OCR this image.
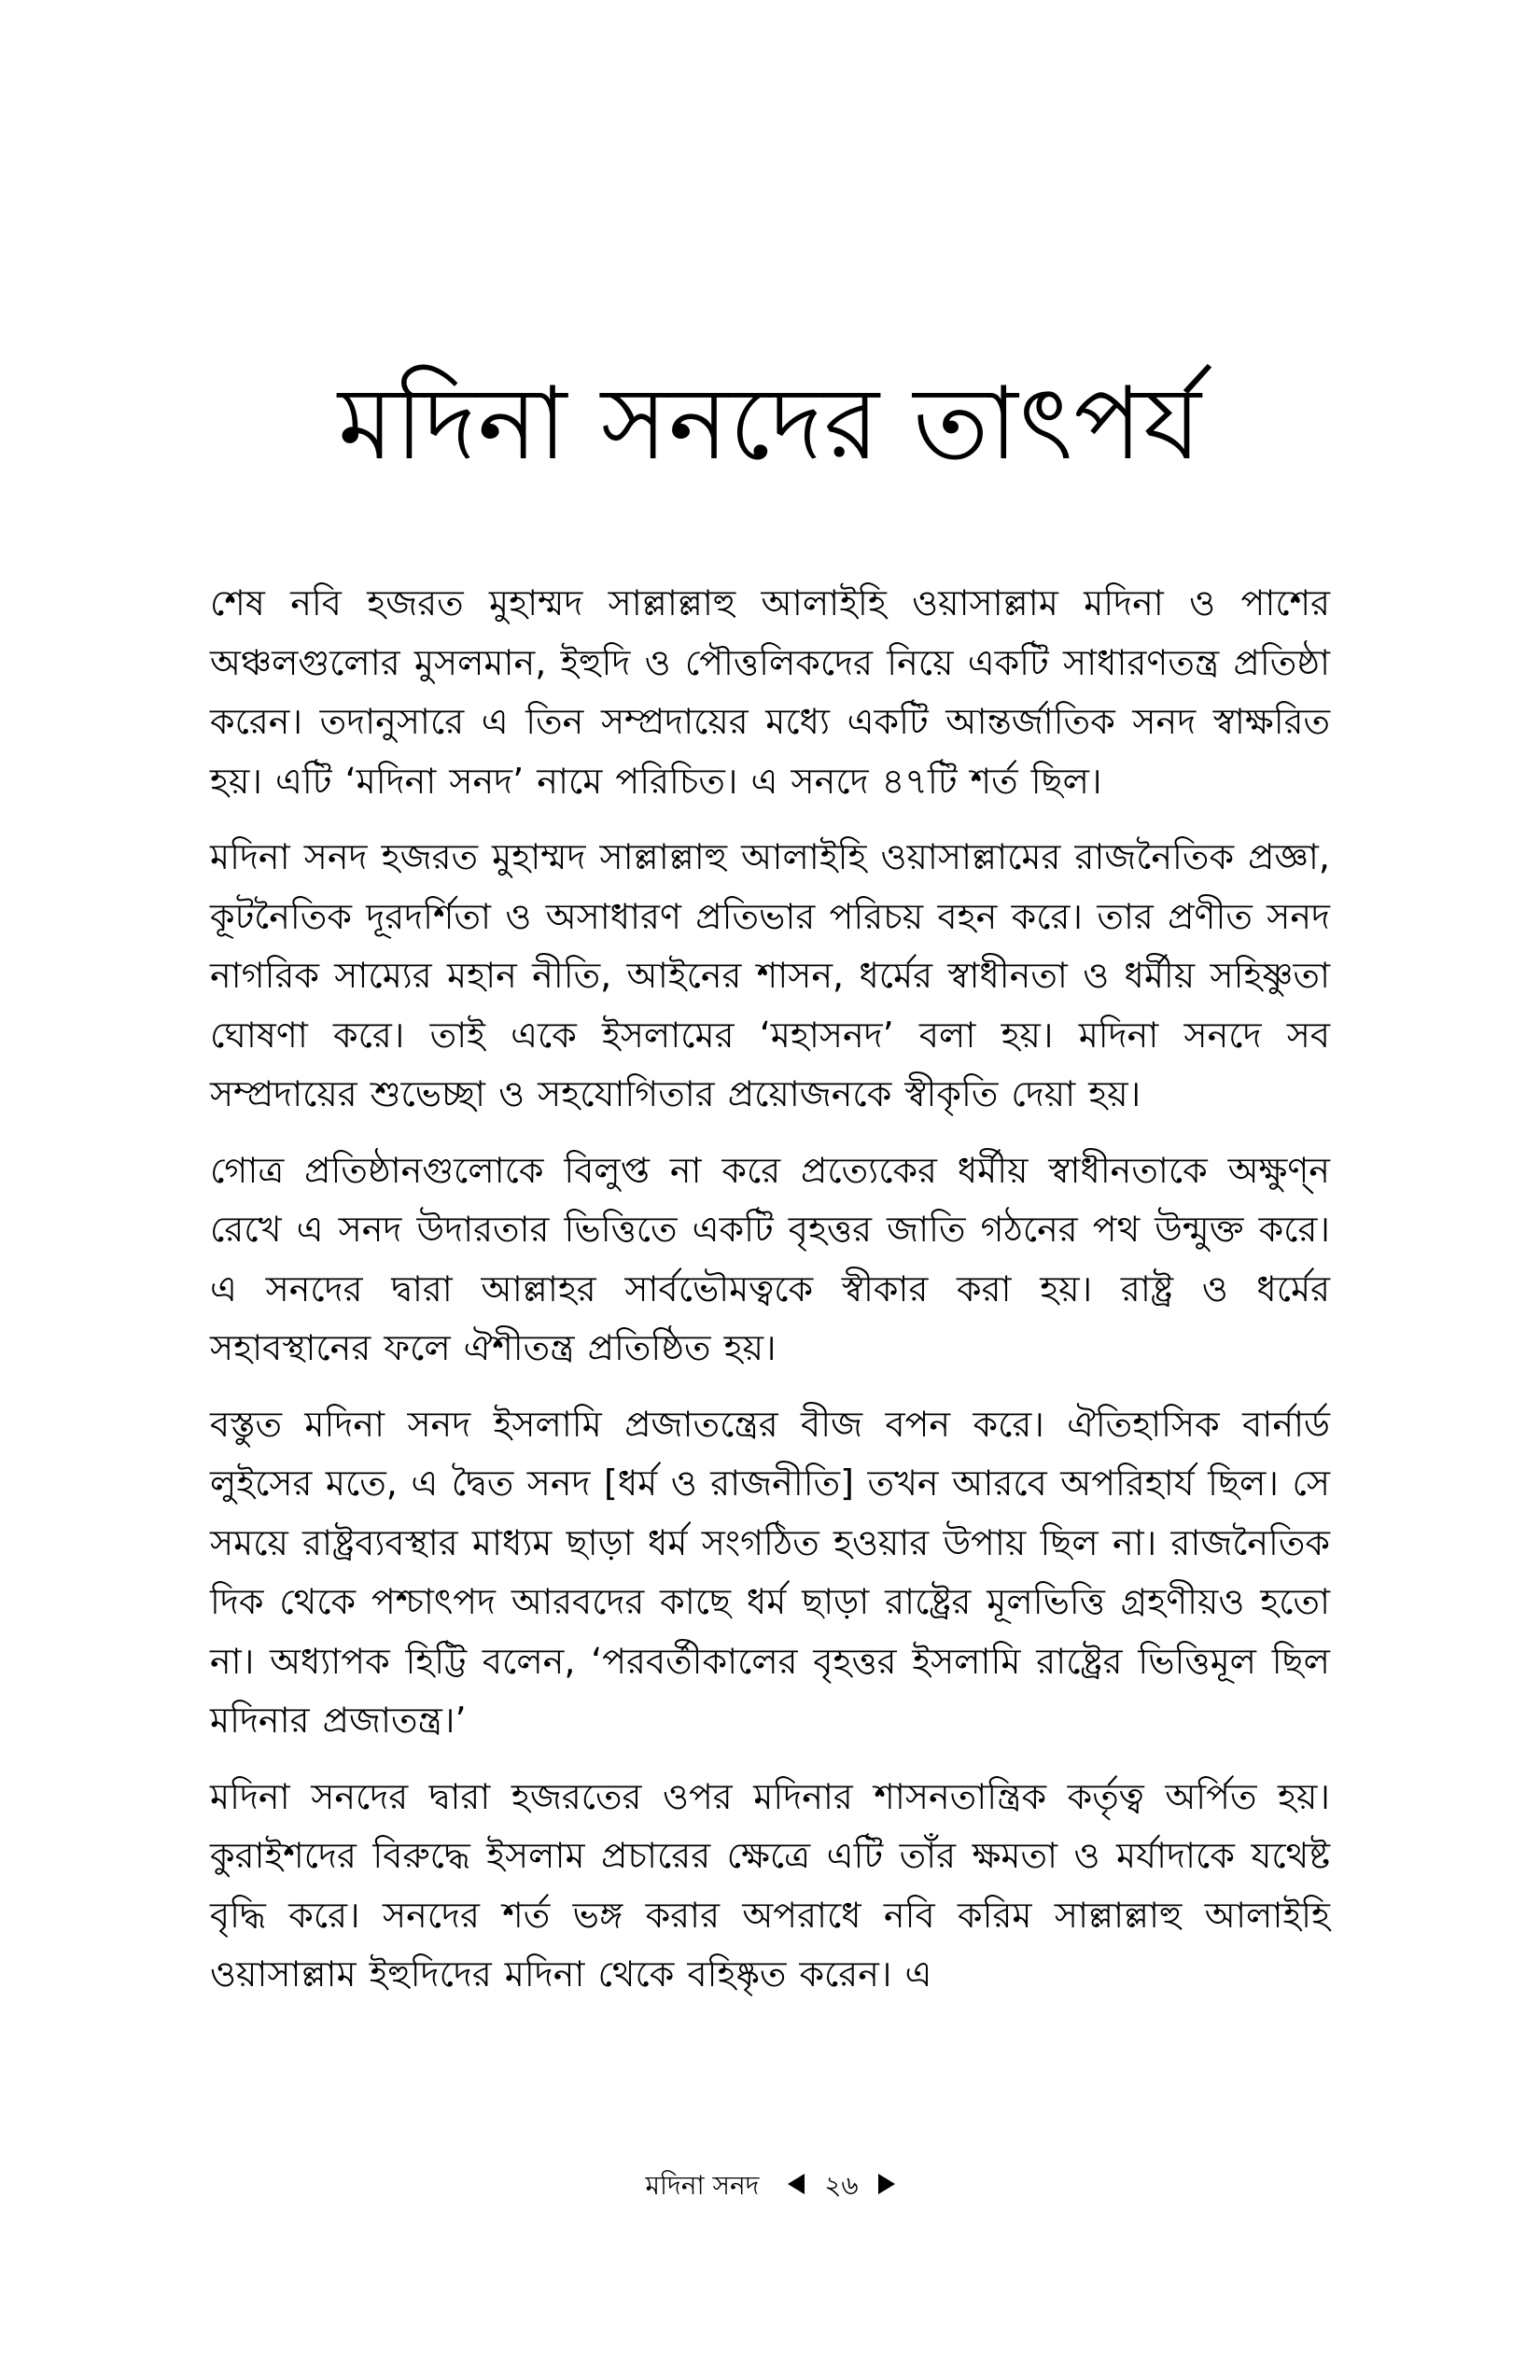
মদিনা সনদের তাৎপর্য

শেষ নবি হজরত মুহাম্মদ সাল্লাল্লাহু আলাইহি ওয়াসাল্লাম মদিনা ও পাশের অঞ্চলগুলোর মুসলমান, ইহুদি ও পৌত্তলিকদের নিয়ে একটি সাধারণতন্ত্র প্রতিষ্ঠা করেন। তদানুসারে এ তিন সম্প্রদায়ের মধ্যে একটি আন্তর্জাতিক সনদ স্বাক্ষরিত হয়। এটি ‘মদিনা সনদ’ নামে পরিচিত। এ সনদে ৪৭টি শর্ত ছিল।

মদিনা সনদ হজরত মুহাম্মদ সাল্লাল্লাহু আলাইহি ওয়াসাল্লামের রাজনৈতিক প্রজ্ঞা, কূটনৈতিক দূরদর্শিতা ও অসাধারণ প্রতিভার পরিচয় বহন করে। তার প্রণীত সনদ নাগরিক সাম্যের মহান নীতি, আইনের শাসন, ধর্মের স্বাধীনতা ও ধর্মীয় সহিষ্ণুতা ঘোষণা করে। তাই একে ইসলামের ‘মহাসনদ’ বলা হয়। মদিনা সনদে সব সম্প্রদায়ের শুভেচ্ছা ও সহযোগিতার প্রয়োজনকে স্বীকৃতি দেয়া হয়।

গোত্র প্রতিষ্ঠানগুলোকে বিলুপ্ত না করে প্রত্যেকের ধর্মীয় স্বাধীনতাকে অক্ষুণ্ন রেখে এ সনদ উদারতার ভিত্তিতে একটি বৃহত্তর জাতি গঠনের পথ উন্মুক্ত করে। এ সনদের দ্বারা আল্লাহর সার্বভৌমত্বকে স্বীকার করা হয়। রাষ্ট্র ও ধর্মের সহাবস্থানের ফলে ঐশীতন্ত্র প্রতিষ্ঠিত হয়।

বস্তুত মদিনা সনদ ইসলামি প্রজাতন্ত্রের বীজ বপন করে। ঐতিহাসিক বার্নার্ড লুইসের মতে, এ দ্বৈত সনদ [ধর্ম ও রাজনীতি] তখন আরবে অপরিহার্য ছিল। সে সময়ে রাষ্ট্রব্যবস্থার মাধ্যম ছাড়া ধর্ম সংগঠিত হওয়ার উপায় ছিল না। রাজনৈতিক দিক থেকে পশ্চাৎপদ আরবদের কাছে ধর্ম ছাড়া রাষ্ট্রের মূলভিত্তি গ্রহণীয়ও হতো না। অধ্যাপক হিট্টি বলেন, ‘পরবর্তীকালের বৃহত্তর ইসলামি রাষ্ট্রের ভিত্তিমূল ছিল মদিনার প্রজাতন্ত্র।’

মদিনা সনদের দ্বারা হজরতের ওপর মদিনার শাসনতান্ত্রিক কর্তৃত্ব অর্পিত হয়। কুরাইশদের বিরুদ্ধে ইসলাম প্রচারের ক্ষেত্রে এটি তাঁর ক্ষমতা ও মর্যাদাকে যথেষ্ট বৃদ্ধি করে। সনদের শর্ত ভঙ্গ করার অপরাধে নবি করিম সাল্লাল্লাহু আলাইহি ওয়াসাল্লাম ইহুদিদের মদিনা থেকে বহিষ্কৃত করেন। এ

মদিনা সনদ ২৬
